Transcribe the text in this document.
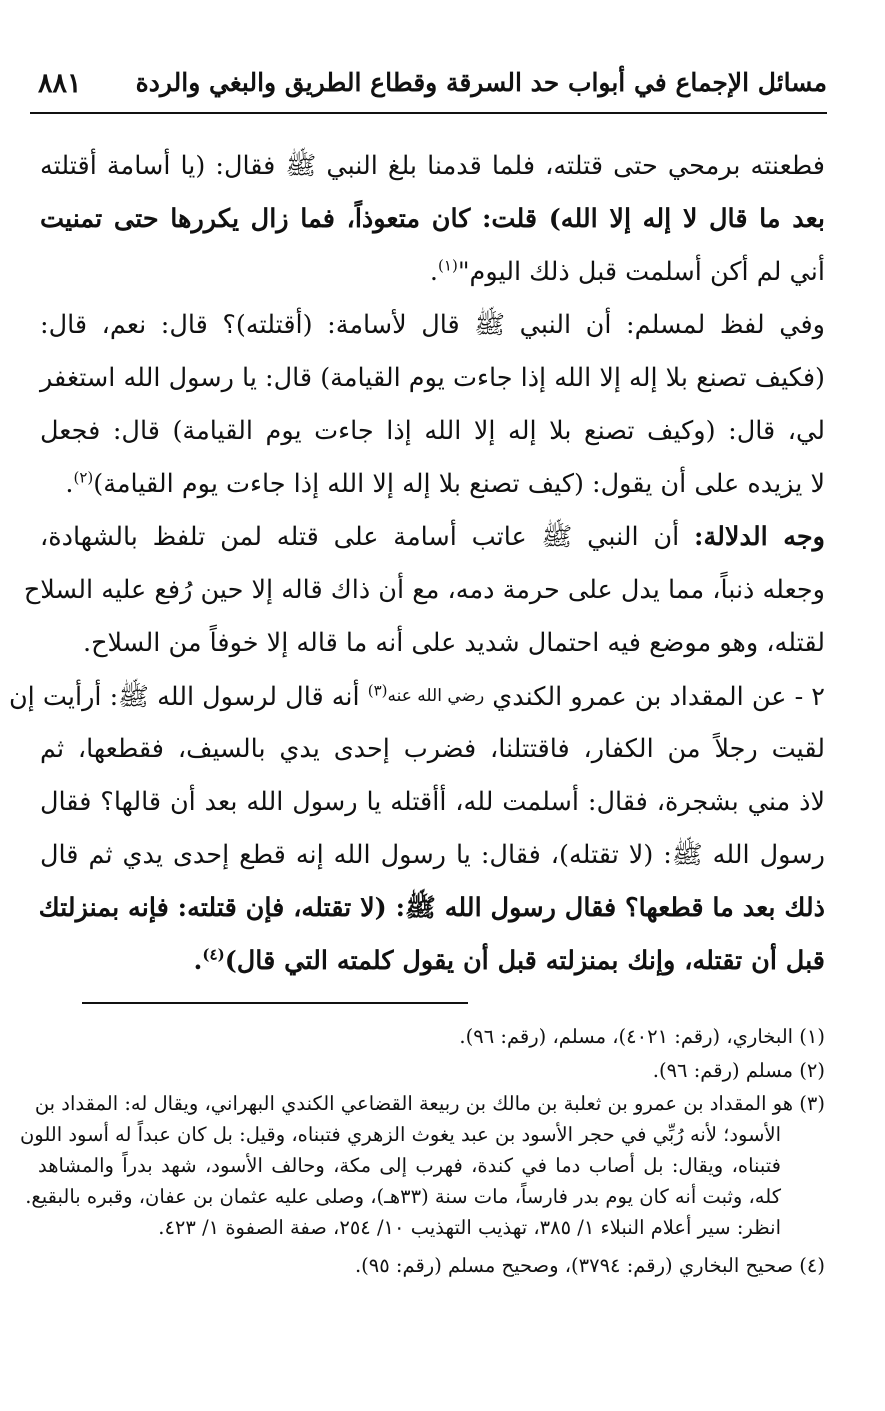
مسائل الإجماع في أبواب حد السرقة وقطاع الطريق والبغي والردة
٨٨١
فطعنته برمحي حتى قتلته، فلما قدمنا بلغ النبي ﷺ فقال: (يا أسامة أقتلته
بعد ما قال لا إله إلا الله) قلت: كان متعوذاً، فما زال يكررها حتى تمنيت
أني لم أكن أسلمت قبل ذلك اليوم"$^{(١)}$.
وفي لفظ لمسلم: أن النبي ﷺ قال لأسامة: (أقتلته)؟ قال: نعم، قال:
(فكيف تصنع بلا إله إلا الله إذا جاءت يوم القيامة) قال: يا رسول الله استغفر
لي، قال: (وكيف تصنع بلا إله إلا الله إذا جاءت يوم القيامة) قال: فجعل
لا يزيده على أن يقول: (كيف تصنع بلا إله إلا الله إذا جاءت يوم القيامة)$^{(٢)}$.
وجه الدلالة: أن النبي ﷺ عاتب أسامة على قتله لمن تلفظ بالشهادة،
وجعله ذنباً، مما يدل على حرمة دمه، مع أن ذاك قاله إلا حين رُفع عليه السلاح
لقتله، وهو موضع فيه احتمال شديد على أنه ما قاله إلا خوفاً من السلاح.
٢ - عن المقداد بن عمرو الكندي رضي الله عنه$^{(٣)}$ أنه قال لرسول الله ﷺ: أرأيت إن
لقيت رجلاً من الكفار، فاقتتلنا، فضرب إحدى يدي بالسيف، فقطعها، ثم
لاذ مني بشجرة، فقال: أسلمت لله، أأقتله يا رسول الله بعد أن قالها؟ فقال
رسول الله ﷺ: (لا تقتله)، فقال: يا رسول الله إنه قطع إحدى يدي ثم قال
ذلك بعد ما قطعها؟ فقال رسول الله ﷺ: (لا تقتله، فإن قتلته: فإنه بمنزلتك
قبل أن تقتله، وإنك بمنزلته قبل أن يقول كلمته التي قال)$^{(٤)}$.
(١) البخاري، (رقم: ٤٠٢١)، مسلم، (رقم: ٩٦).
(٢) مسلم (رقم: ٩٦).
(٣) هو المقداد بن عمرو بن ثعلبة بن مالك بن ربيعة القضاعي الكندي البهراني، ويقال له: المقداد بن
الأسود؛ لأنه رُبِّي في حجر الأسود بن عبد يغوث الزهري فتبناه، وقيل: بل كان عبداً له أسود اللون
فتبناه، ويقال: بل أصاب دما في كندة، فهرب إلى مكة، وحالف الأسود، شهد بدراً والمشاهد
كله، وثبت أنه كان يوم بدر فارساً، مات سنة (٣٣هـ)، وصلى عليه عثمان بن عفان، وقبره بالبقيع.
انظر: سير أعلام النبلاء ١/ ٣٨٥، تهذيب التهذيب ١٠/ ٢٥٤، صفة الصفوة ١/ ٤٢٣.
(٤) صحيح البخاري (رقم: ٣٧٩٤)، وصحيح مسلم (رقم: ٩٥).
